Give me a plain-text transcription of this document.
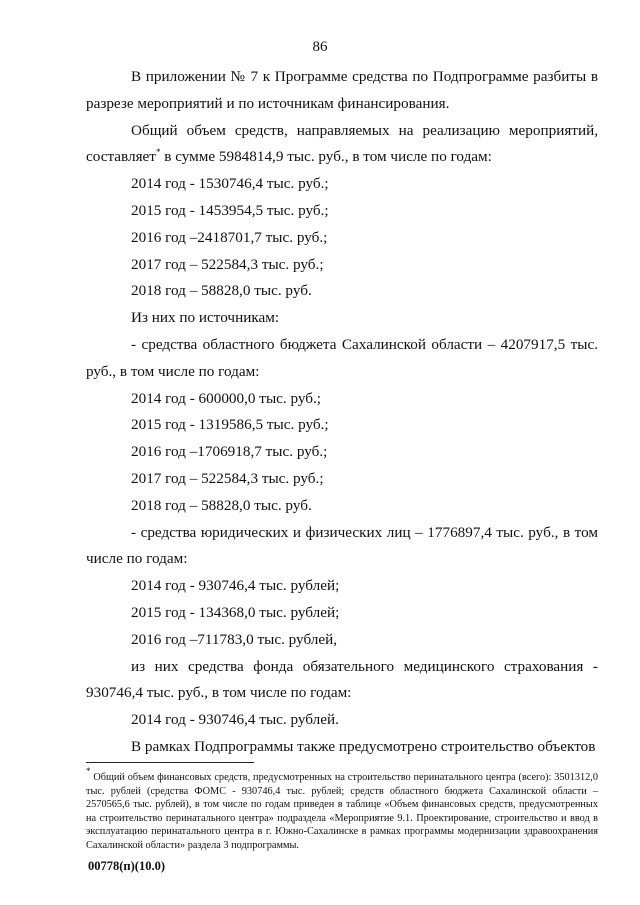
86

В приложении № 7 к Программе средства по Подпрограмме разбиты в разрезе мероприятий и по источникам финансирования.

Общий объем средств, направляемых на реализацию мероприятий, составляет* в сумме 5984814,9 тыс. руб., в том числе по годам:

2014 год - 1530746,4 тыс. руб.;

2015 год - 1453954,5 тыс. руб.;

2016 год –2418701,7 тыс. руб.;

2017 год – 522584,3 тыс. руб.;

2018 год – 58828,0 тыс. руб.

Из них по источникам:

- средства областного бюджета Сахалинской области – 4207917,5 тыс. руб., в том числе по годам:

2014 год - 600000,0 тыс. руб.;

2015 год - 1319586,5 тыс. руб.;

2016 год –1706918,7 тыс. руб.;

2017 год – 522584,3 тыс. руб.;

2018 год – 58828,0 тыс. руб.

- средства юридических и физических лиц – 1776897,4 тыс. руб., в том числе по годам:

2014 год - 930746,4 тыс. рублей;

2015 год - 134368,0 тыс. рублей;

2016 год –711783,0 тыс. рублей,

из них средства фонда обязательного медицинского страхования - 930746,4 тыс. руб., в том числе по годам:

2014 год - 930746,4 тыс. рублей.

В рамках Подпрограммы также предусмотрено строительство объектов

* Общий объем финансовых средств, предусмотренных на строительство перинатального центра (всего): 3501312,0 тыс. рублей (средства ФОМС - 930746,4 тыс. рублей; средств областного бюджета Сахалинской области – 2570565,6 тыс. рублей), в том числе по годам приведен в таблице «Объем финансовых средств, предусмотренных на строительство перинатального центра» подраздела «Мероприятие 9.1. Проектирование, строительство и ввод в эксплуатацию перинатального центра в г. Южно-Сахалинске в рамках программы модернизации здравоохранения Сахалинской области» раздела 3 подпрограммы.

00778(п)(10.0)
